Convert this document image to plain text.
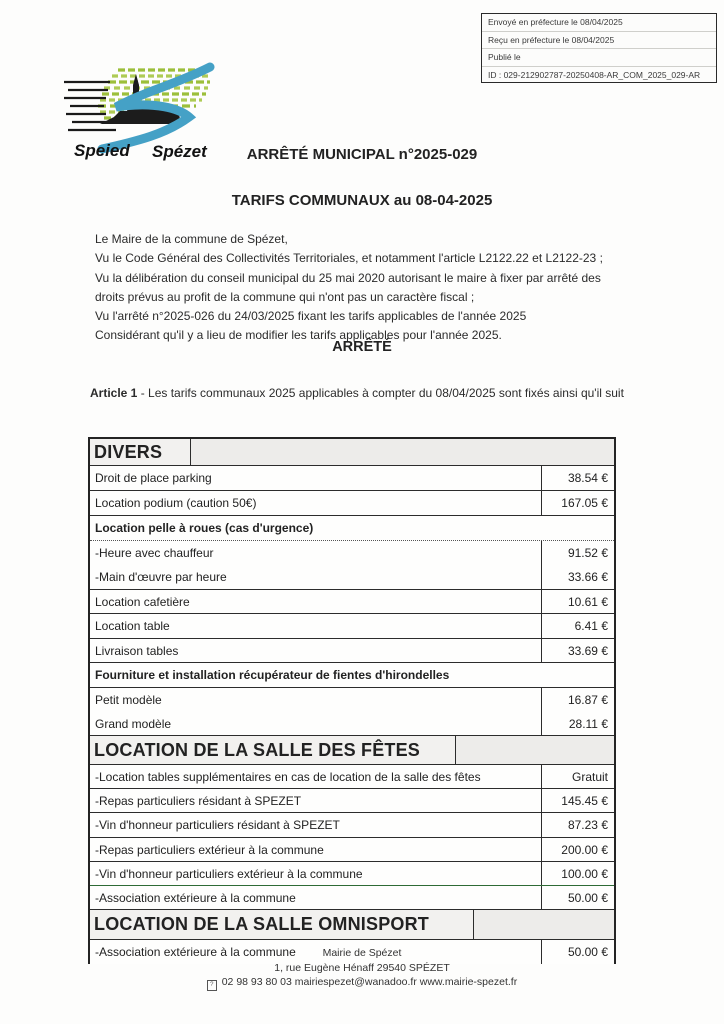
Envoyé en préfecture le 08/04/2025
Reçu en préfecture le 08/04/2025
Publié le
ID : 029-212902787-20250408-AR_COM_2025_029-AR
Speied Spézet	ARRÊTÉ MUNICIPAL n°2025-029
TARIFS COMMUNAUX au 08-04-2025
Le Maire de la commune de Spézet,
Vu le Code Général des Collectivités Territoriales, et notamment l'article L2122.22 et L2122-23 ;
Vu la délibération du conseil municipal du 25 mai 2020 autorisant le maire à fixer par arrêté des
droits prévus au profit de la commune qui n'ont pas un caractère fiscal ;
Vu l'arrêté n°2025-026 du 24/03/2025 fixant les tarifs applicables de l'année 2025
Considérant qu'il y a lieu de modifier les tarifs applicables pour l'année 2025.
ARRÊTÉ
Article 1 - Les tarifs communaux 2025 applicables à compter du 08/04/2025 sont fixés ainsi qu'il suit
DIVERS
Droit de place parking	38.54 €
Location podium (caution 50€)	167.05 €
Location pelle à roues (cas d'urgence)
-Heure avec chauffeur	91.52 €
-Main d'œuvre par heure	33.66 €
Location cafetière	10.61 €
Location table	6.41 €
Livraison tables	33.69 €
Fourniture et installation récupérateur de fientes d'hirondelles
Petit modèle	16.87 €
Grand modèle	28.11 €
LOCATION DE LA SALLE DES FÊTES
-Location tables supplémentaires en cas de location de la salle des fêtes	Gratuit
-Repas particuliers résidant à SPEZET	145.45 €
-Vin d'honneur particuliers résidant à SPEZET	87.23 €
-Repas particuliers extérieur à la commune	200.00 €
-Vin d'honneur particuliers extérieur à la commune	100.00 €
-Association extérieure à la commune	50.00 €
LOCATION DE LA SALLE OMNISPORT
-Association extérieure à la commune	50.00 €
Mairie de Spézet
1, rue Eugène Hénaff 29540 SPÉZET
? 02 98 93 80 03 mairiespezet@wanadoo.fr www.mairie-spezet.fr
